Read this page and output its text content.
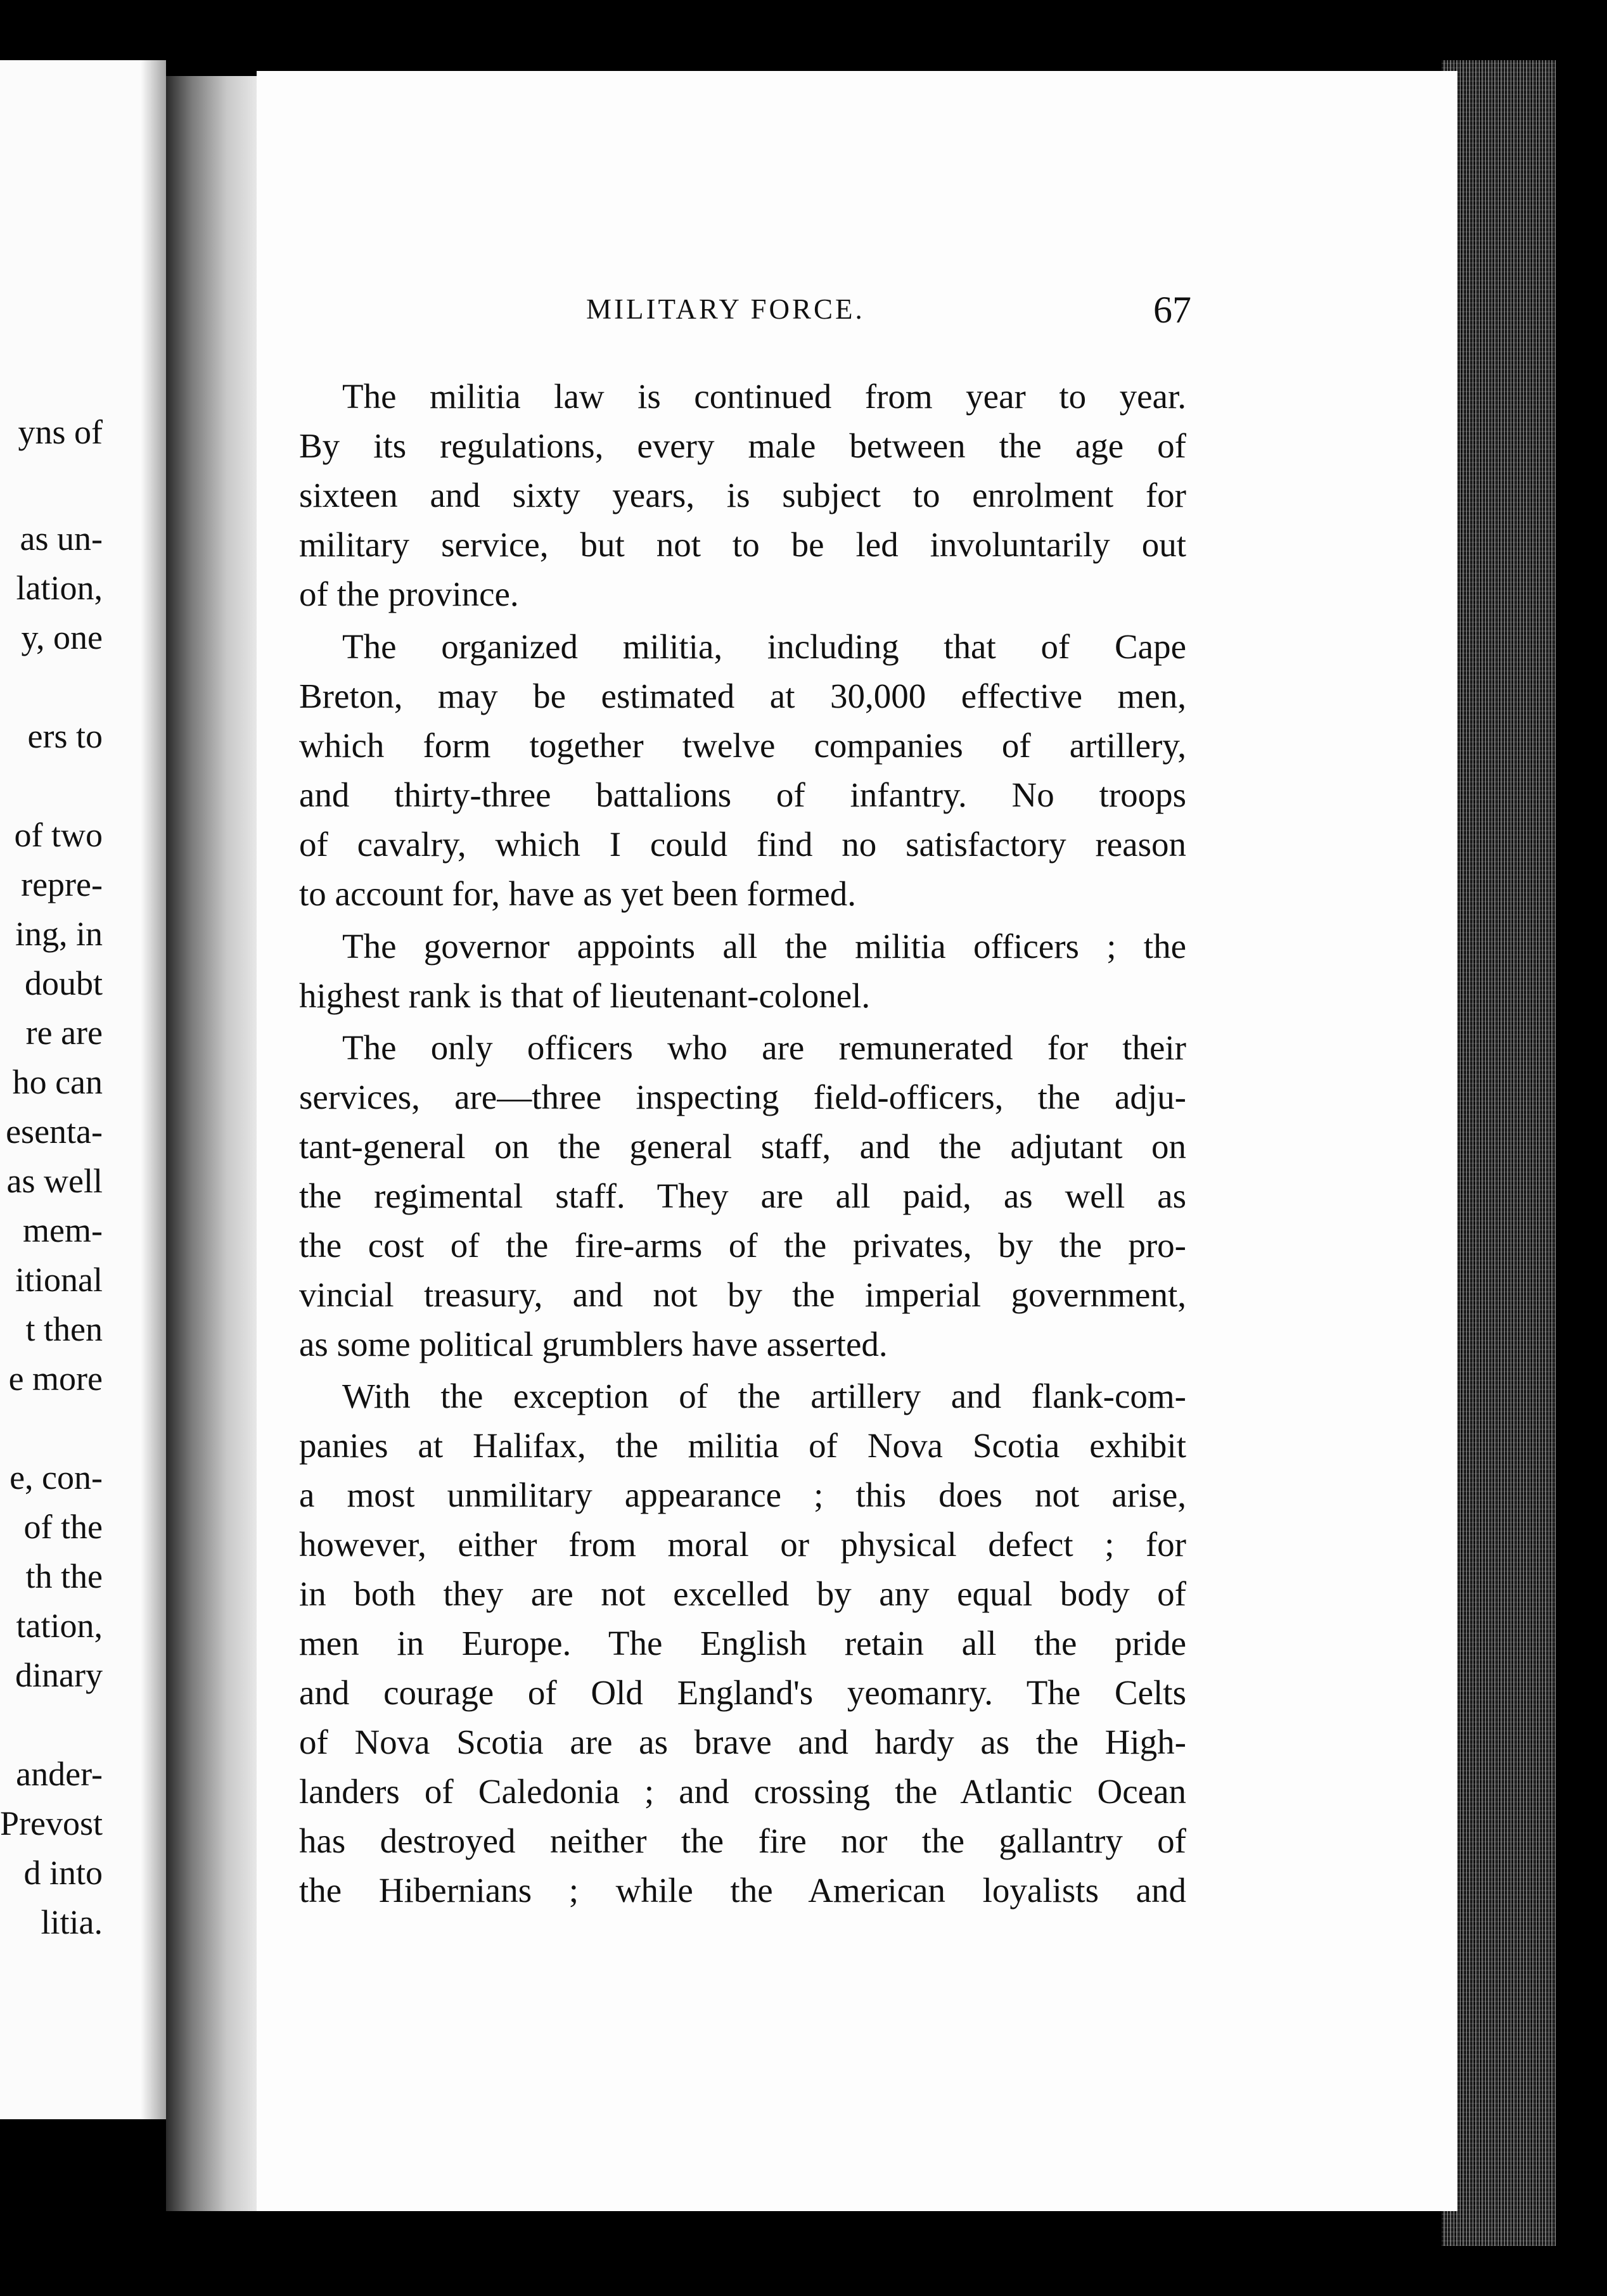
yns of
as un-
lation,
y, one
ers to
of two
repre-
ing, in
doubt
re are
ho can
esenta-
as well
mem-
itional
t then
e more
e, con-
of the
th the
tation,
dinary
ander-
Prevost
d into
litia.
MILITARY FORCE.	67
The militia law is continued from year to year.
By its regulations, every male between the age of
sixteen and sixty years, is subject to enrolment for
military service, but not to be led involuntarily out
of the province.
The organized militia, including that of Cape
Breton, may be estimated at 30,000 effective men,
which form together twelve companies of artillery,
and thirty-three battalions of infantry. No troops
of cavalry, which I could find no satisfactory reason
to account for, have as yet been formed.
The governor appoints all the militia officers ; the
highest rank is that of lieutenant-colonel.
The only officers who are remunerated for their
services, are—three inspecting field-officers, the adju-
tant-general on the general staff, and the adjutant on
the regimental staff. They are all paid, as well as
the cost of the fire-arms of the privates, by the pro-
vincial treasury, and not by the imperial government,
as some political grumblers have asserted.
With the exception of the artillery and flank-com-
panies at Halifax, the militia of Nova Scotia exhibit
a most unmilitary appearance ; this does not arise,
however, either from moral or physical defect ; for
in both they are not excelled by any equal body of
men in Europe. The English retain all the pride
and courage of Old England's yeomanry. The Celts
of Nova Scotia are as brave and hardy as the High-
landers of Caledonia ; and crossing the Atlantic Ocean
has destroyed neither the fire nor the gallantry of
the Hibernians ; while the American loyalists and
